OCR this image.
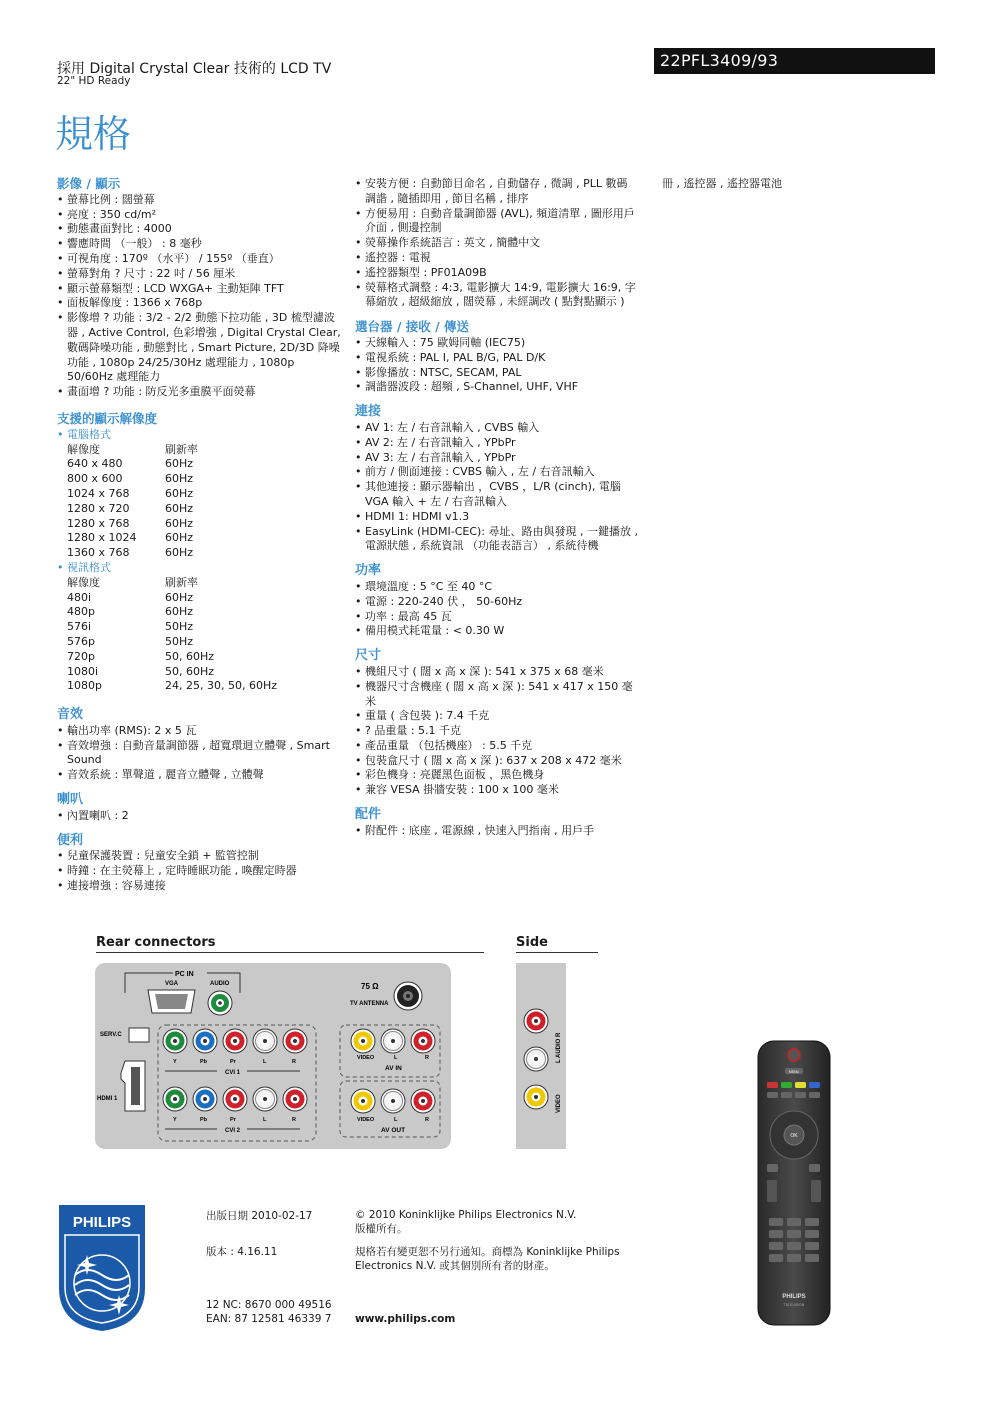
採用 Digital Crystal Clear 技術的 LCD TV
22" HD Ready
22PFL3409/93
規格
影像 / 顯示
• 螢幕比例 : 闊螢幕
• 亮度 : 350 cd/m²
• 動態畫面對比 : 4000
• 響應時間 （一般） : 8 毫秒
• 可視角度 : 170º （水平） / 155º （垂直）
• 螢幕對角 ? 尺寸 : 22 吋 / 56 厘米
• 顯示螢幕類型 : LCD WXGA+ 主動矩陣 TFT
• 面板解像度 : 1366 x 768p
• 影像增 ? 功能 : 3/2 - 2/2 動態下拉功能 , 3D 梳型濾波器 , Active Control, 色彩增強 , Digital Crystal Clear, 數碼降噪功能 , 動態對比 , Smart Picture, 2D/3D 降噪功能 , 1080p 24/25/30Hz 處理能力 , 1080p 50/60Hz 處理能力
• 畫面增 ? 功能 : 防反光多重膜平面熒幕
支援的顯示解像度
• 電腦格式
解像度	刷新率
640 x 480	60Hz
800 x 600	60Hz
1024 x 768	60Hz
1280 x 720	60Hz
1280 x 768	60Hz
1280 x 1024	60Hz
1360 x 768	60Hz
• 視訊格式
解像度	刷新率
480i	60Hz
480p	60Hz
576i	50Hz
576p	50Hz
720p	50, 60Hz
1080i	50, 60Hz
1080p	24, 25, 30, 50, 60Hz
音效
• 輸出功率 (RMS): 2 x 5 瓦
• 音效增強 : 自動音量調節器 , 超寬環迴立體聲 , Smart Sound
• 音效系統 : 單聲道 , 麗音立體聲 , 立體聲
喇叭
• 內置喇叭 : 2
便利
• 兒童保護裝置 : 兒童安全鎖 + 監管控制
• 時鐘 : 在主熒幕上 , 定時睡眠功能 , 喚醒定時器
• 連接增強 : 容易連接
• 安裝方便 : 自動節目命名 , 自動儲存 , 微調 , PLL 數碼調諧 , 隨插即用 , 節目名稱 , 排序
• 方便易用 : 自動音量調節器 (AVL), 頻道清單 , 圖形用戶介面 , 側邊控制
• 熒幕操作系統語言 : 英文 , 簡體中文
• 遙控器 : 電視
• 遙控器類型 : PF01A09B
• 熒幕格式調整 : 4:3, 電影擴大 14:9, 電影擴大 16:9, 字幕縮放 , 超級縮放 , 闊熒幕 , 未經調改 ( 點對點顯示 )
選台器 / 接收 / 傳送
• 天線輸入 : 75 歐姆同軸 (IEC75)
• 電視系統 : PAL I, PAL B/G, PAL D/K
• 影像播放 : NTSC, SECAM, PAL
• 調諧器波段 : 超頻 , S-Channel, UHF, VHF
連接
• AV 1: 左 / 右音訊輸入 , CVBS 輸入
• AV 2: 左 / 右音訊輸入 , YPbPr
• AV 3: 左 / 右音訊輸入 , YPbPr
• 前方 / 側面連接 : CVBS 輸入 , 左 / 右音訊輸入
• 其他連接 : 顯示器輸出 ，CVBS ，L/R (cinch), 電腦 VGA 輸入 + 左 / 右音訊輸入
• HDMI 1: HDMI v1.3
• EasyLink (HDMI-CEC): 尋址、路由與發現 , 一鍵播放 , 電源狀態 , 系統資訊 （功能表語言） , 系統待機
功率
• 環境溫度 : 5 °C 至 40 °C
• 電源 : 220-240 伏 ， 50-60Hz
• 功率 : 最高 45 瓦
• 備用模式耗電量 : < 0.30 W
尺寸
• 機組尺寸 ( 闊 x 高 x 深 ): 541 x 375 x 68 毫米
• 機器尺寸含機座 ( 闊 x 高 x 深 ): 541 x 417 x 150 毫米
• 重量 ( 含包裝 ): 7.4 千克
• ? 品重量 : 5.1 千克
• 產品重量 （包括機座） : 5.5 千克
• 包裝盒尺寸 ( 闊 x 高 x 深 ): 637 x 208 x 472 毫米
• 彩色機身 : 亮麗黑色面板 ，黑色機身
• 兼容 VESA 掛牆安裝 : 100 x 100 毫米
配件
• 附配件 : 底座 , 電源線 , 快速入門指南 , 用戶手
冊 , 遙控器 , 遙控器電池
Rear connectors	Side
PC IN
VGA	AUDIO	75 Ω
TV ANTENNA
SERV.C
HDMI 1
Y	Pb	Pr	L	R
CVI 1
Y	Pb	Pr	L	R
CVI 2
VIDEO	L	R
AV IN
VIDEO	L	R
AV OUT
L AUDIO R
VIDEO
MENU
OK
PHILIPS
TELEVISION
PHILIPS	出版日期 2010-02-17
版本 : 4.16.11
12 NC: 8670 000 49516
EAN: 87 12581 46339 7
© 2010 Koninklijke Philips Electronics N.V.
版權所有。
規格若有變更恕不另行通知。商標為 Koninklijke Philips Electronics N.V. 或其個別所有者的財產。
www.philips.com
